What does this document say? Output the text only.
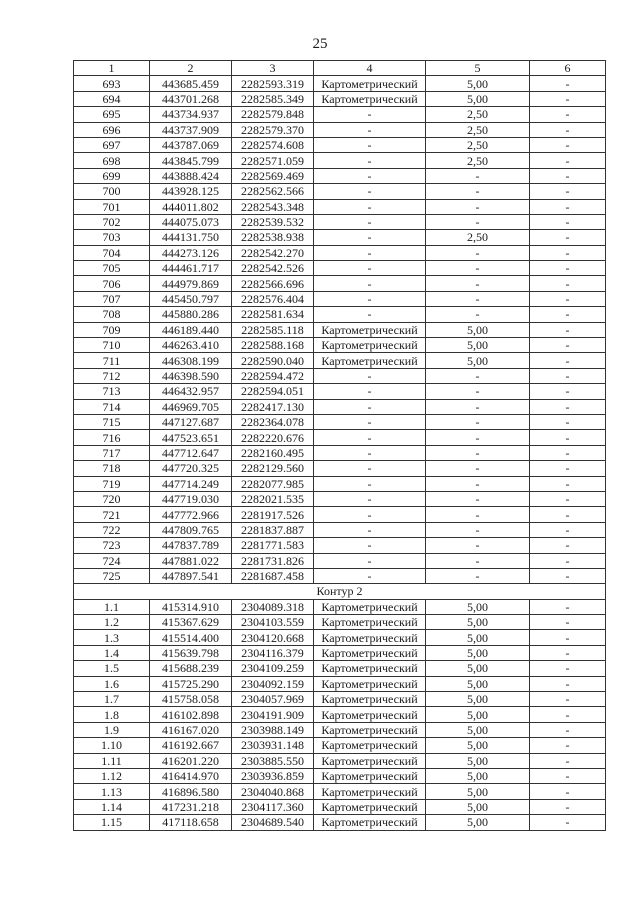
25
1	2	3	4	5	6
693	443685.459	2282593.319	Картометрический	5,00	-
694	443701.268	2282585.349	Картометрический	5,00	-
695	443734.937	2282579.848	-	2,50	-
696	443737.909	2282579.370	-	2,50	-
697	443787.069	2282574.608	-	2,50	-
698	443845.799	2282571.059	-	2,50	-
699	443888.424	2282569.469	-	-	-
700	443928.125	2282562.566	-	-	-
701	444011.802	2282543.348	-	-	-
702	444075.073	2282539.532	-	-	-
703	444131.750	2282538.938	-	2,50	-
704	444273.126	2282542.270	-	-	-
705	444461.717	2282542.526	-	-	-
706	444979.869	2282566.696	-	-	-
707	445450.797	2282576.404	-	-	-
708	445880.286	2282581.634	-	-	-
709	446189.440	2282585.118	Картометрический	5,00	-
710	446263.410	2282588.168	Картометрический	5,00	-
711	446308.199	2282590.040	Картометрический	5,00	-
712	446398.590	2282594.472	-	-	-
713	446432.957	2282594.051	-	-	-
714	446969.705	2282417.130	-	-	-
715	447127.687	2282364.078	-	-	-
716	447523.651	2282220.676	-	-	-
717	447712.647	2282160.495	-	-	-
718	447720.325	2282129.560	-	-	-
719	447714.249	2282077.985	-	-	-
720	447719.030	2282021.535	-	-	-
721	447772.966	2281917.526	-	-	-
722	447809.765	2281837.887	-	-	-
723	447837.789	2281771.583	-	-	-
724	447881.022	2281731.826	-	-	-
725	447897.541	2281687.458	-	-	-
Контур 2					
1.1	415314.910	2304089.318	Картометрический	5,00	-
1.2	415367.629	2304103.559	Картометрический	5,00	-
1.3	415514.400	2304120.668	Картометрический	5,00	-
1.4	415639.798	2304116.379	Картометрический	5,00	-
1.5	415688.239	2304109.259	Картометрический	5,00	-
1.6	415725.290	2304092.159	Картометрический	5,00	-
1.7	415758.058	2304057.969	Картометрический	5,00	-
1.8	416102.898	2304191.909	Картометрический	5,00	-
1.9	416167.020	2303988.149	Картометрический	5,00	-
1.10	416192.667	2303931.148	Картометрический	5,00	-
1.11	416201.220	2303885.550	Картометрический	5,00	-
1.12	416414.970	2303936.859	Картометрический	5,00	-
1.13	416896.580	2304040.868	Картометрический	5,00	-
1.14	417231.218	2304117.360	Картометрический	5,00	-
1.15	417118.658	2304689.540	Картометрический	5,00	-
